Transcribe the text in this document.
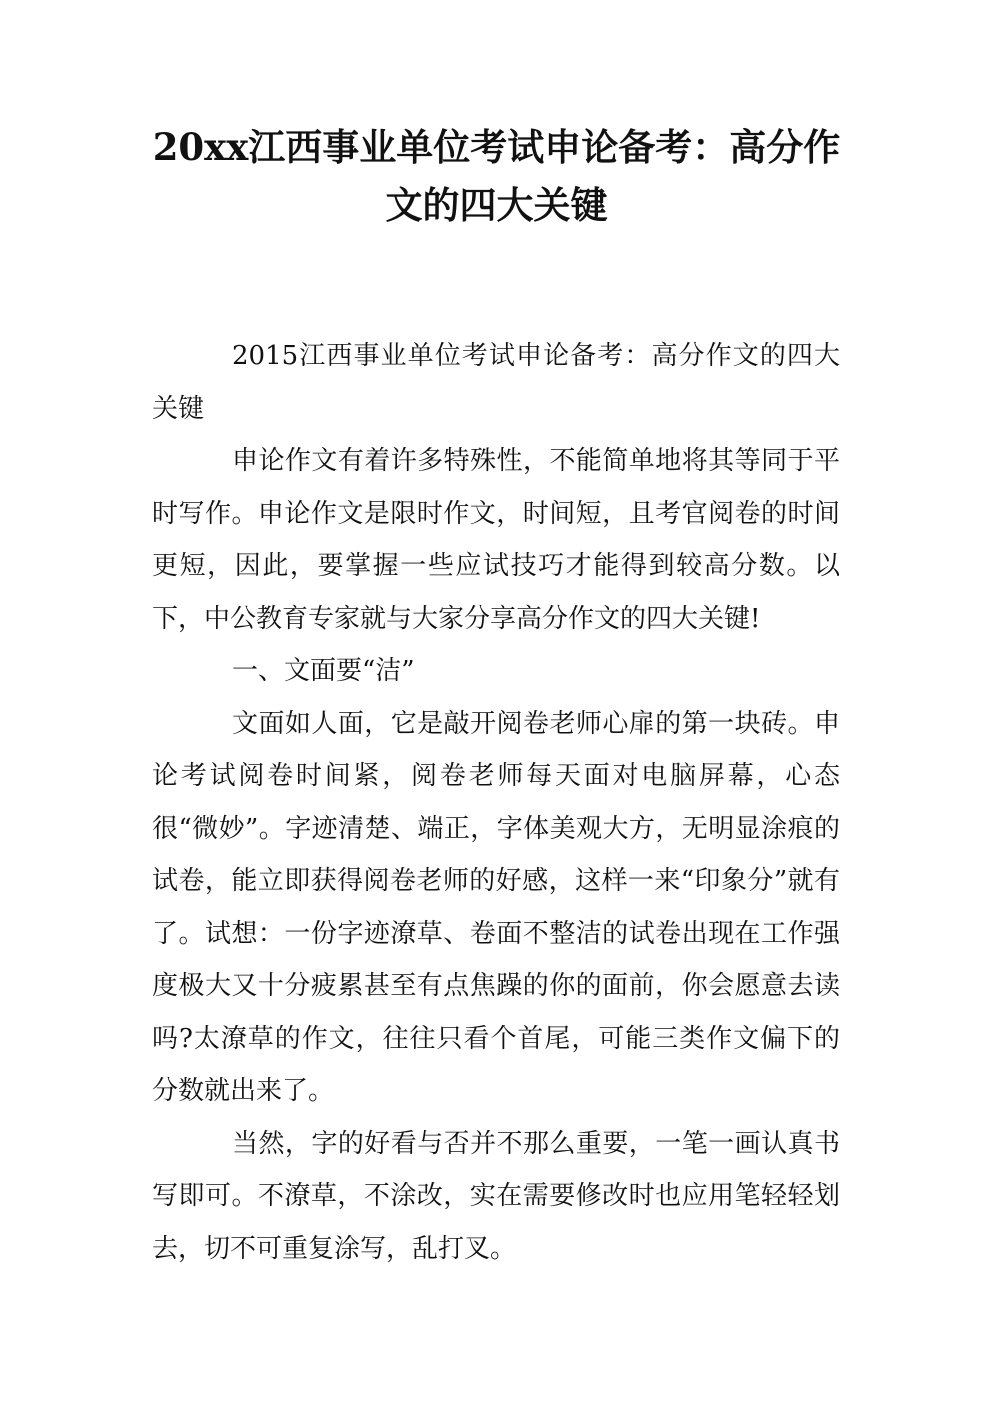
20xx江西事业单位考试申论备考：高分作
文的四大关键

2015江西事业单位考试申论备考：高分作文的四大关键

申论作文有着许多特殊性，不能简单地将其等同于平时写作。申论作文是限时作文，时间短，且考官阅卷的时间更短，因此，要掌握一些应试技巧才能得到较高分数。以下，中公教育专家就与大家分享高分作文的四大关键!

一、文面要“洁”

文面如人面，它是敲开阅卷老师心扉的第一块砖。申论考试阅卷时间紧，阅卷老师每天面对电脑屏幕，心态很“微妙”。字迹清楚、端正，字体美观大方，无明显涂痕的试卷，能立即获得阅卷老师的好感，这样一来“印象分”就有了。试想：一份字迹潦草、卷面不整洁的试卷出现在工作强度极大又十分疲累甚至有点焦躁的你的面前，你会愿意去读吗?太潦草的作文，往往只看个首尾，可能三类作文偏下的分数就出来了。

当然，字的好看与否并不那么重要，一笔一画认真书写即可。不潦草，不涂改，实在需要修改时也应用笔轻轻划去，切不可重复涂写，乱打叉。
